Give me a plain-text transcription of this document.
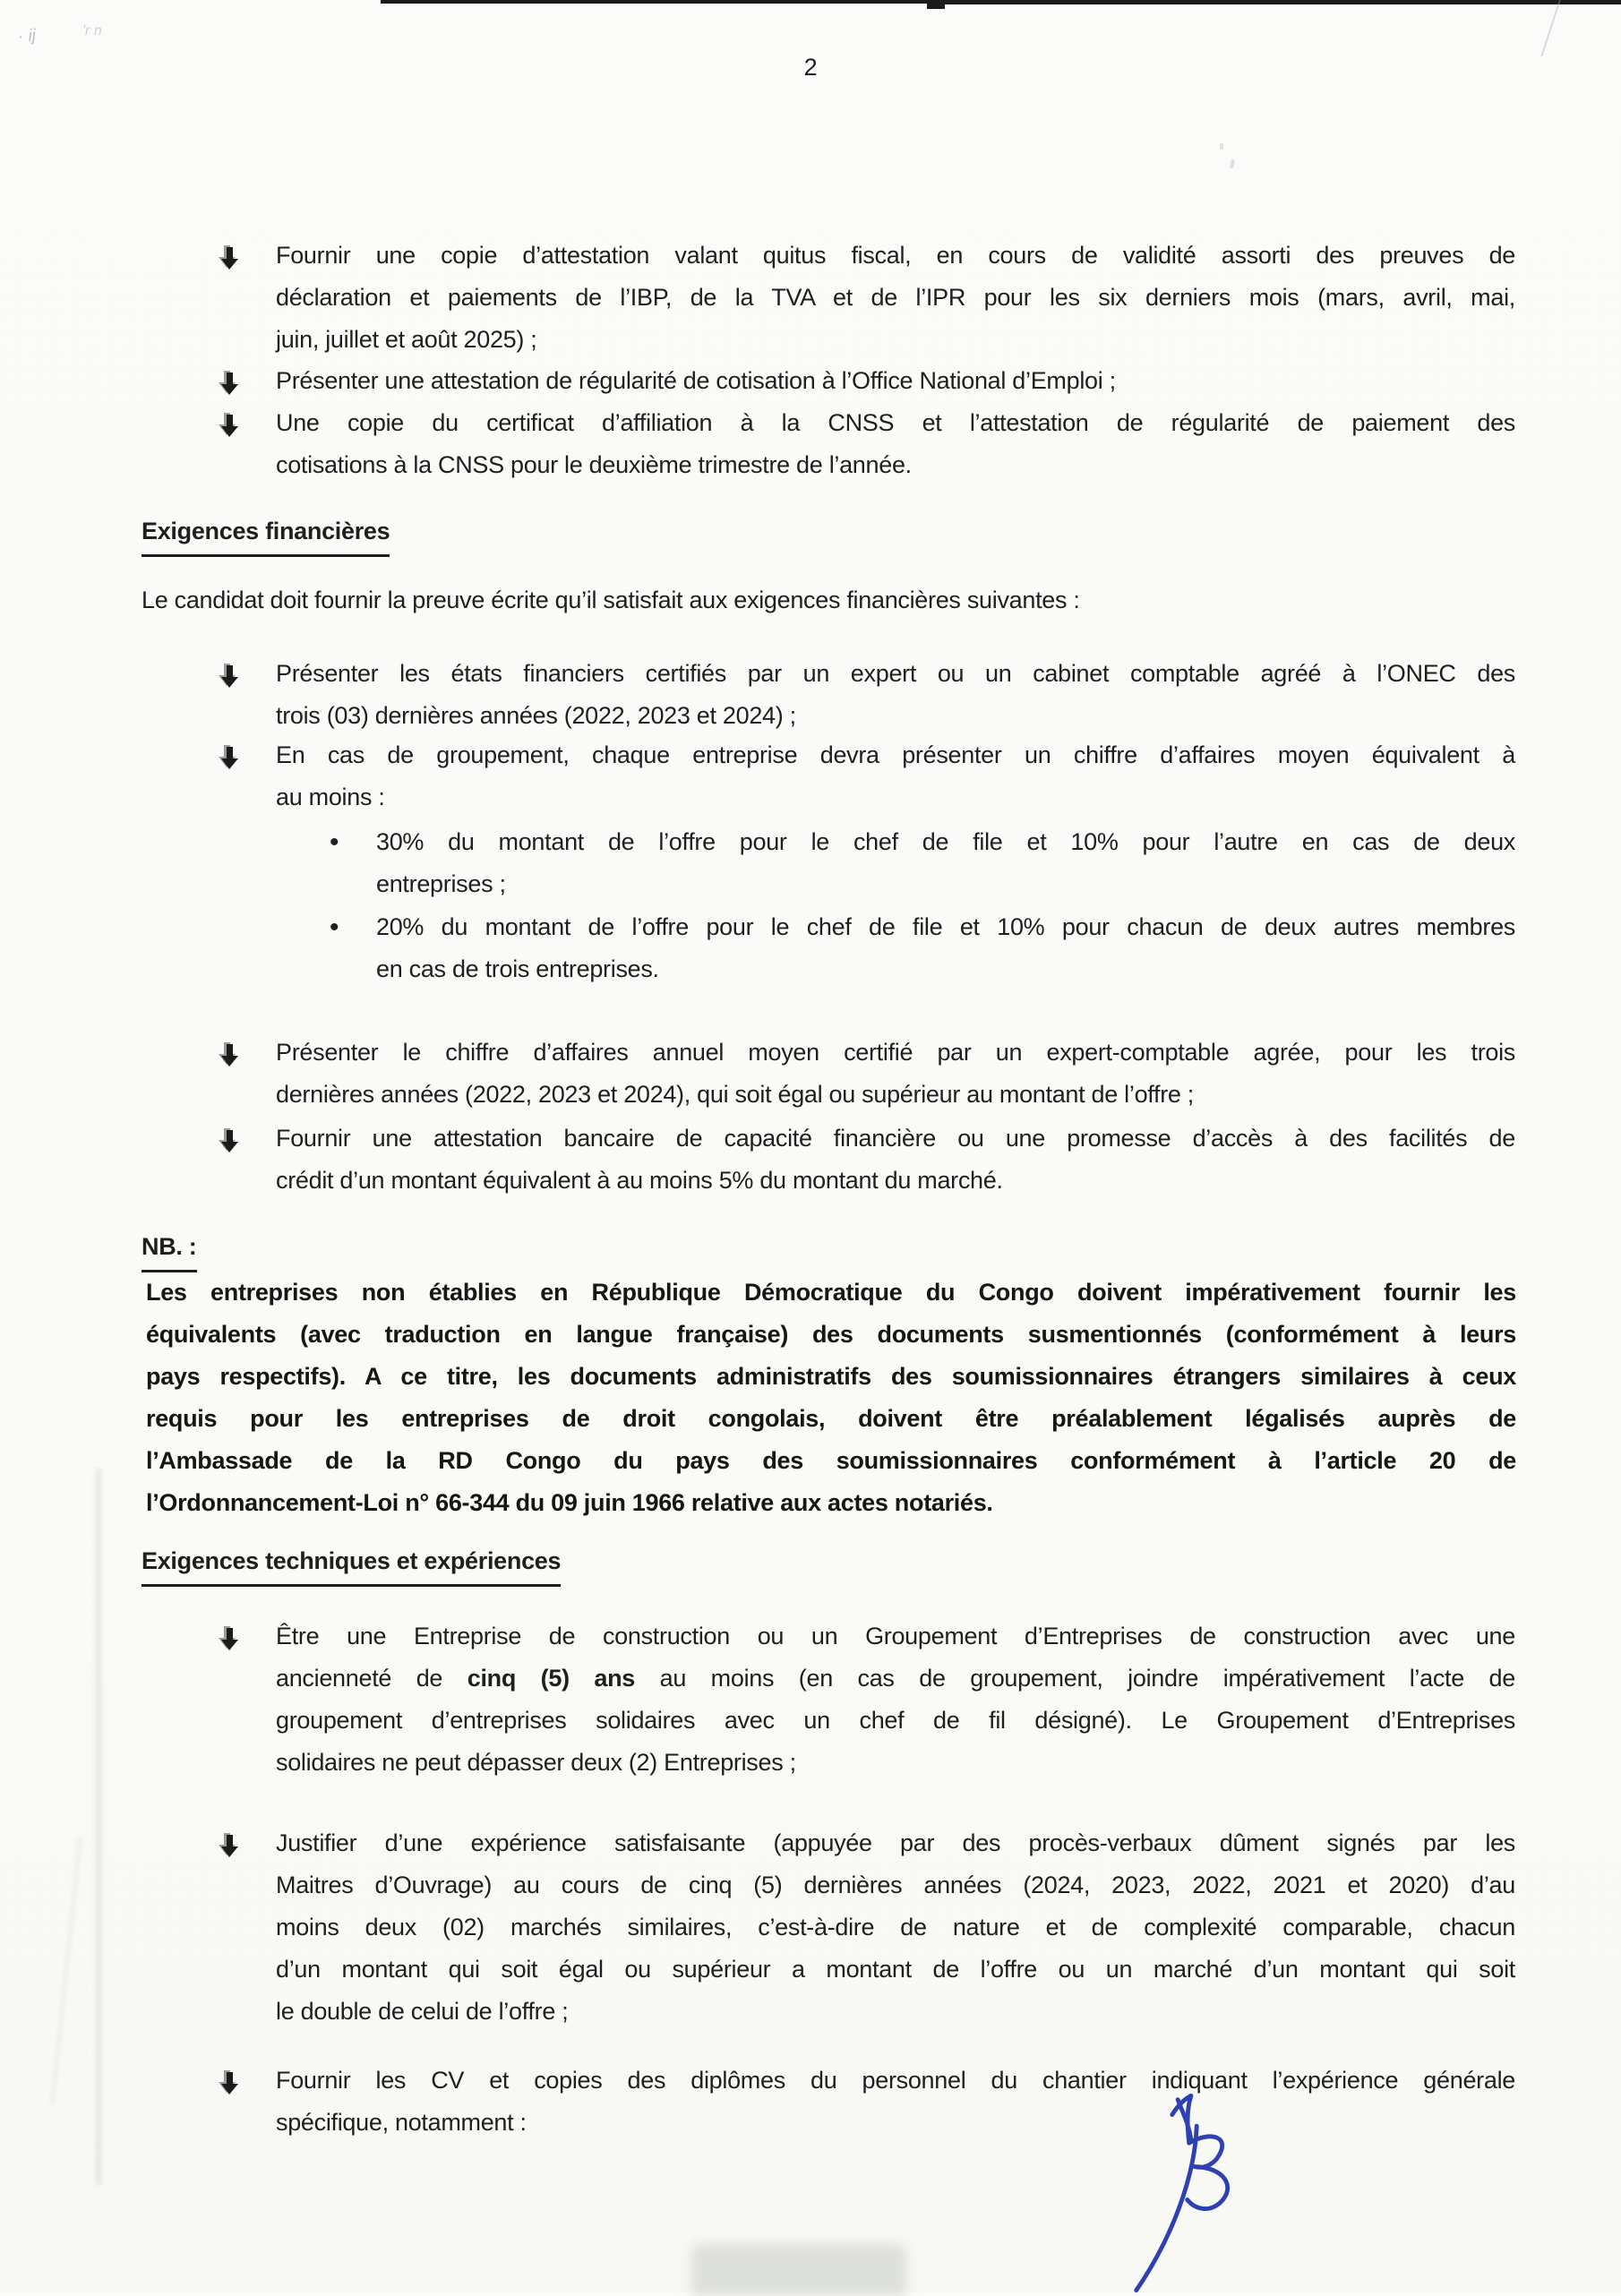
· ij	'r n
2
Fournir une copie d’attestation valant quitus fiscal, en cours de validité assorti des preuves de
déclaration et paiements de l’IBP, de la TVA et de l’IPR pour les six derniers mois (mars, avril, mai,
juin, juillet et août 2025) ;
Présenter une attestation de régularité de cotisation à l’Office National d’Emploi ;
Une copie du certificat d’affiliation à la CNSS et l’attestation de régularité de paiement des
cotisations à la CNSS pour le deuxième trimestre de l’année.
Exigences financières
Le candidat doit fournir la preuve écrite qu’il satisfait aux exigences financières suivantes :
Présenter les états financiers certifiés par un expert ou un cabinet comptable agréé à l’ONEC des
trois (03) dernières années (2022, 2023 et 2024) ;
En cas de groupement, chaque entreprise devra présenter un chiffre d’affaires moyen équivalent à
au moins :
• 30% du montant de l’offre pour le chef de file et 10% pour l’autre en cas de deux
entreprises ;
• 20% du montant de l’offre pour le chef de file et 10% pour chacun de deux autres membres
en cas de trois entreprises.
Présenter le chiffre d’affaires annuel moyen certifié par un expert-comptable agrée, pour les trois
dernières années (2022, 2023 et 2024), qui soit égal ou supérieur au montant de l’offre ;
Fournir une attestation bancaire de capacité financière ou une promesse d’accès à des facilités de
crédit d’un montant équivalent à au moins 5% du montant du marché.
NB. :
Les entreprises non établies en République Démocratique du Congo doivent impérativement fournir les
équivalents (avec traduction en langue française) des documents susmentionnés (conformément à leurs
pays respectifs). A ce titre, les documents administratifs des soumissionnaires étrangers similaires à ceux
requis pour les entreprises de droit congolais, doivent être préalablement légalisés auprès de
l’Ambassade de la RD Congo du pays des soumissionnaires conformément à l’article 20 de
l’Ordonnancement-Loi n° 66-344 du 09 juin 1966 relative aux actes notariés.
Exigences techniques et expériences
Être une Entreprise de construction ou un Groupement d’Entreprises de construction avec une
ancienneté de cinq (5) ans au moins (en cas de groupement, joindre impérativement l’acte de
groupement d’entreprises solidaires avec un chef de fil désigné). Le Groupement d’Entreprises
solidaires ne peut dépasser deux (2) Entreprises ;
Justifier d’une expérience satisfaisante (appuyée par des procès-verbaux dûment signés par les
Maitres d’Ouvrage) au cours de cinq (5) dernières années (2024, 2023, 2022, 2021 et 2020) d’au
moins deux (02) marchés similaires, c’est-à-dire de nature et de complexité comparable, chacun
d’un montant qui soit égal ou supérieur a montant de l’offre ou un marché d’un montant qui soit
le double de celui de l’offre ;
Fournir les CV et copies des diplômes du personnel du chantier indiquant l’expérience générale
spécifique, notamment :
